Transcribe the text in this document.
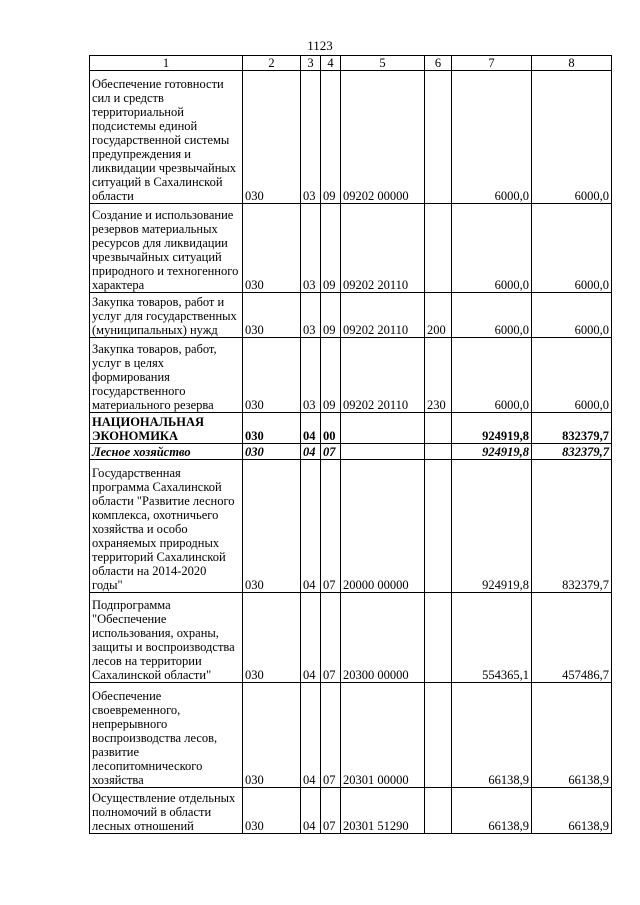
1123
1	2	3	4	5	6	7	8
Обеспечение готовности сил и средств территориальной подсистемы единой государственной системы предупреждения и ликвидации чрезвычайных ситуаций в Сахалинской области	030	03	09	09202 00000		6000,0	6000,0
Создание и использование резервов материальных ресурсов для ликвидации чрезвычайных ситуаций природного и техногенного характера	030	03	09	09202 20110		6000,0	6000,0
Закупка товаров, работ и услуг для государственных (муниципальных) нужд	030	03	09	09202 20110	200	6000,0	6000,0
Закупка товаров, работ, услуг в целях формирования государственного материального резерва	030	03	09	09202 20110	230	6000,0	6000,0
НАЦИОНАЛЬНАЯ ЭКОНОМИКА	030	04	00			924919,8	832379,7
Лесное хозяйство	030	04	07			924919,8	832379,7
Государственная программа Сахалинской области "Развитие лесного комплекса, охотничьего хозяйства и особо охраняемых природных территорий Сахалинской области на 2014-2020 годы"	030	04	07	20000 00000		924919,8	832379,7
Подпрограмма "Обеспечение использования, охраны, защиты и воспроизводства лесов на территории Сахалинской области"	030	04	07	20300 00000		554365,1	457486,7
Обеспечение своевременного, непрерывного воспроизводства лесов, развитие лесопитомнического хозяйства	030	04	07	20301 00000		66138,9	66138,9
Осуществление отдельных полномочий в области лесных отношений	030	04	07	20301 51290		66138,9	66138,9
